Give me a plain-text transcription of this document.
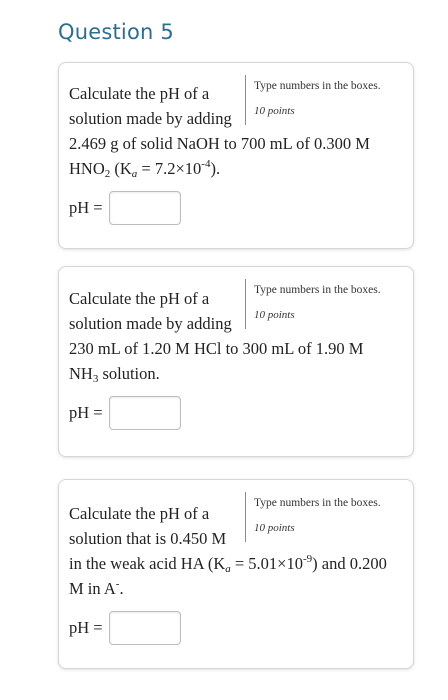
Question 5
Type numbers in the boxes.
10 points
Calculate the pH of a
solution made by adding
2.469 g of solid NaOH to 700 mL of 0.300 M
$HNO_2$ $(K_a = 7.2\times 10^{-4})$.
pH =
Type numbers in the boxes.
10 points
Calculate the pH of a
solution made by adding
230 mL of 1.20 M HCl to 300 mL of 1.90 M
$NH_3$ solution.
pH =
Type numbers in the boxes.
10 points
Calculate the pH of a
solution that is 0.450 M
in the weak acid HA $(K_a = 5.01\times 10^{-9})$ and 0.200
M in A-.
pH =
